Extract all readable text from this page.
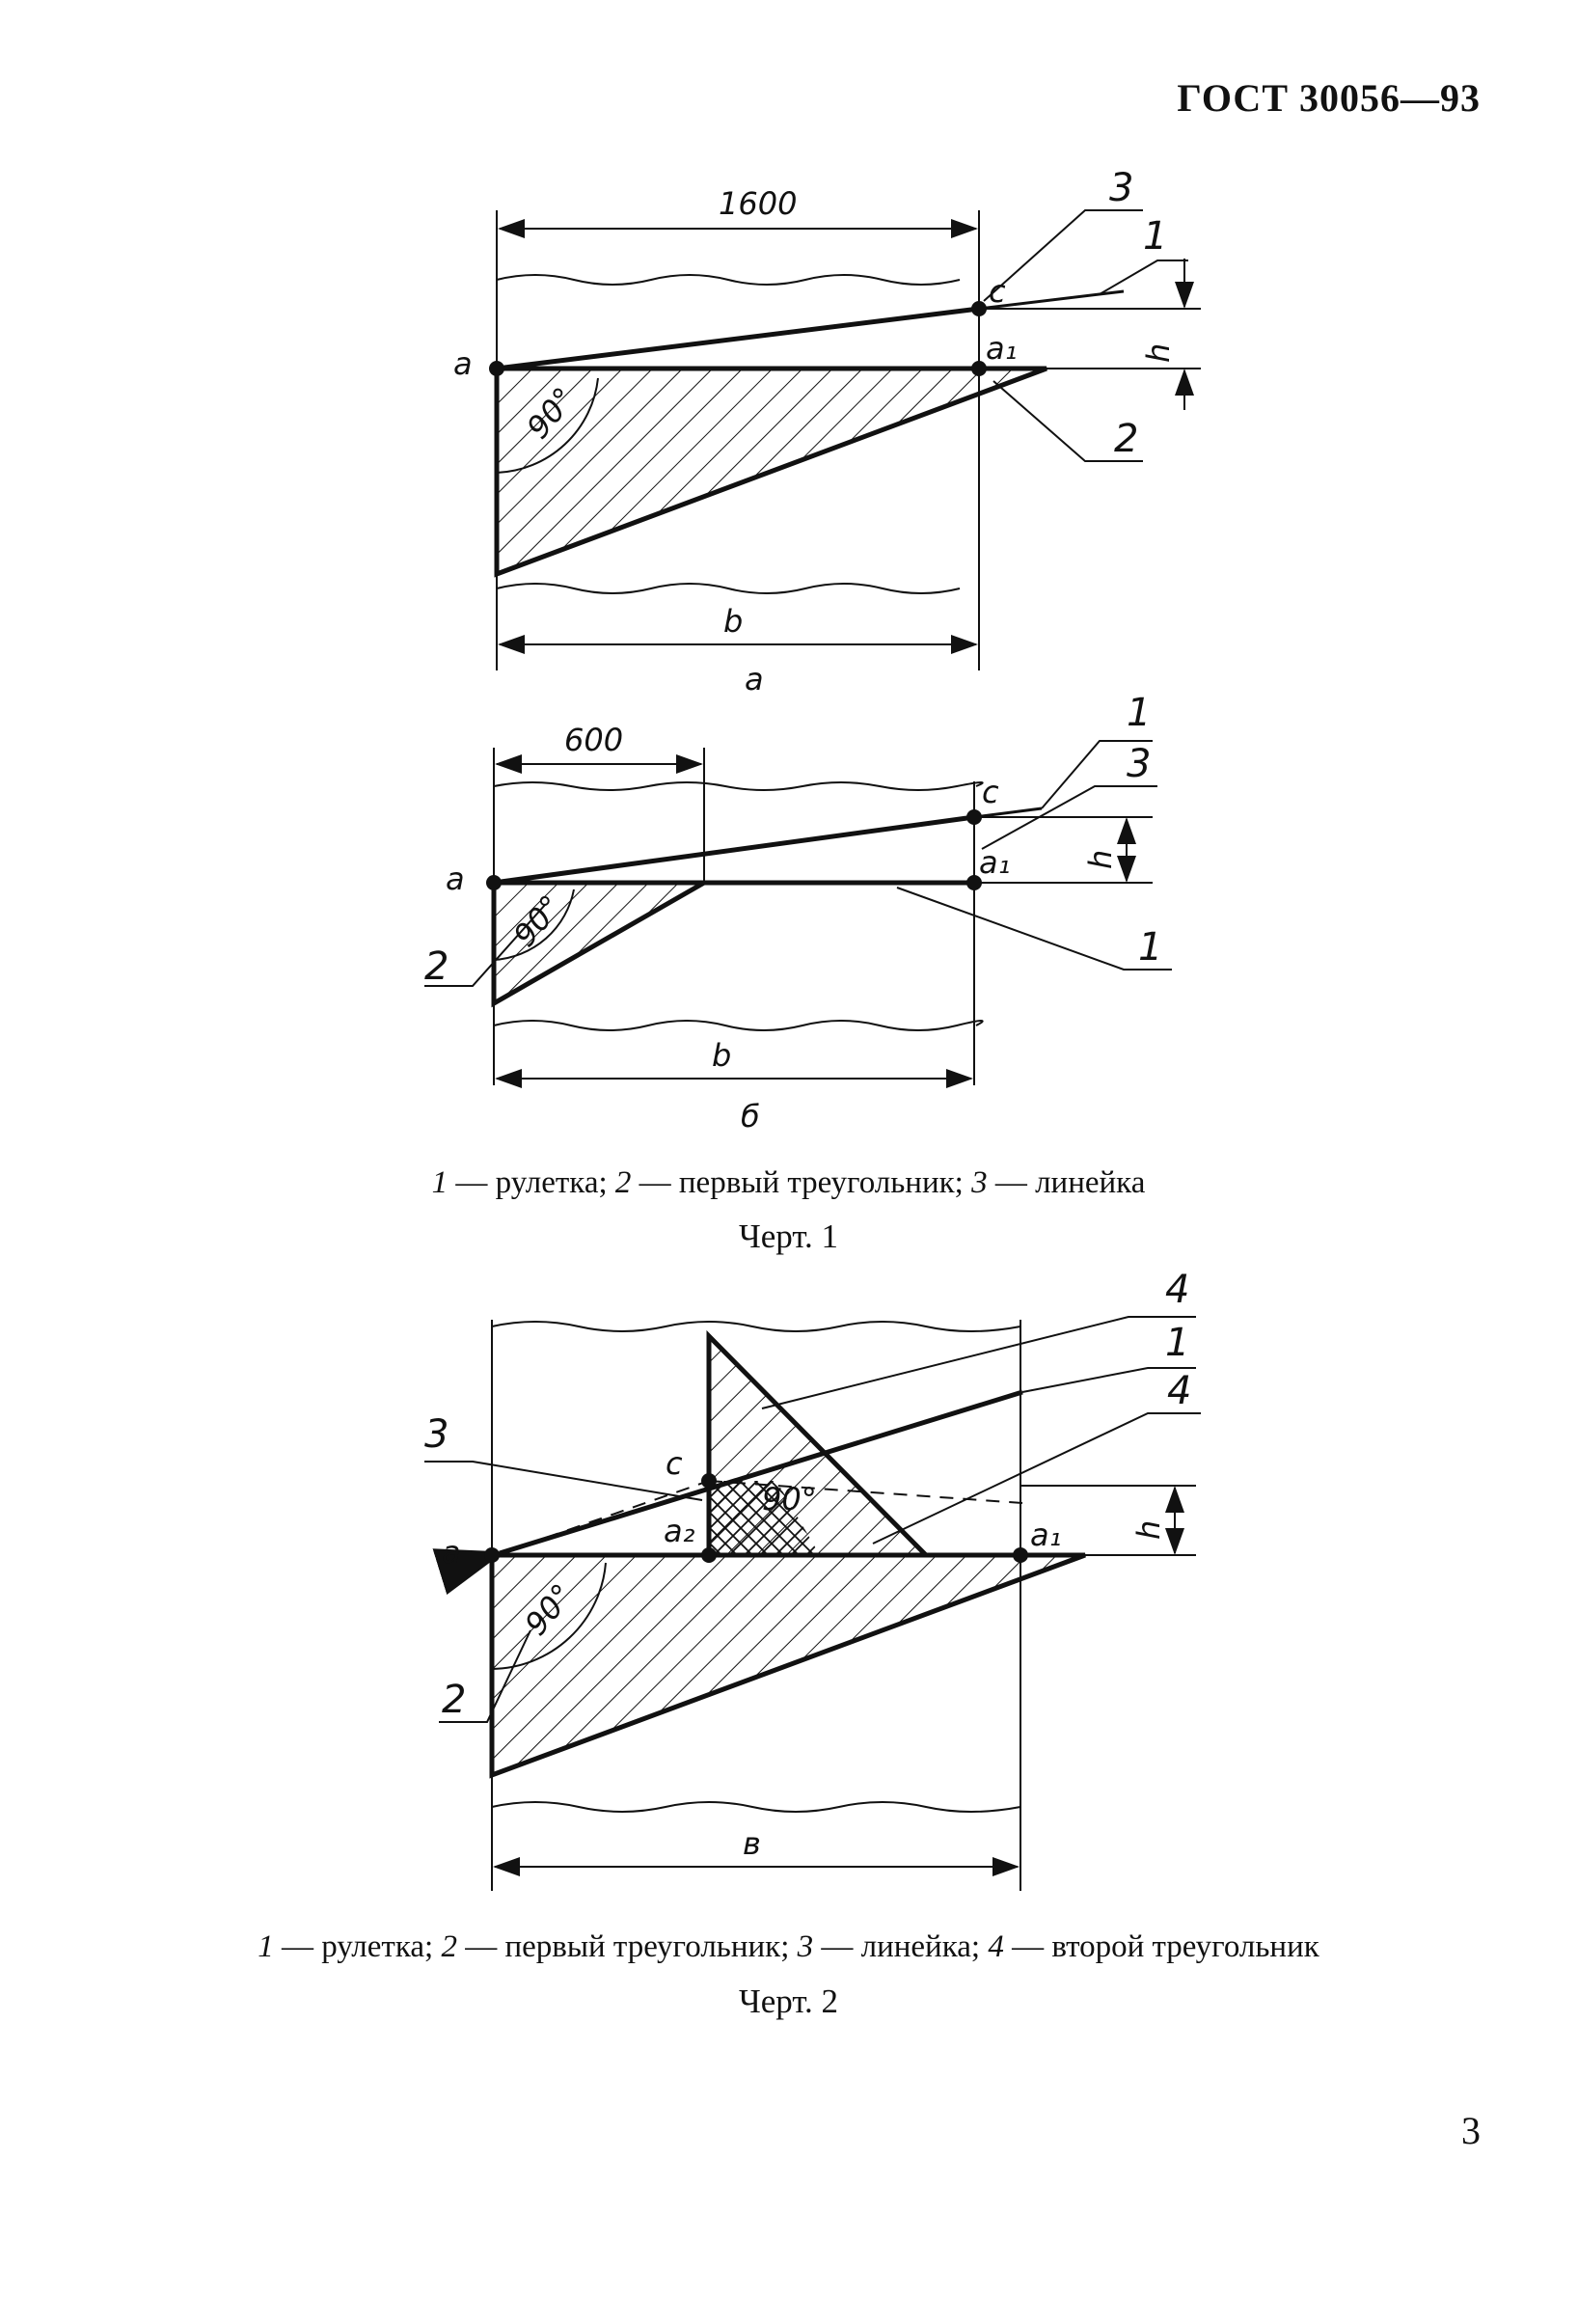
ГОСТ 30056—93
1600
h
a
c
a₁
90°
b
а
3
1
2
600
h
a
c
a₁
90°
b
б
1
3
2	1
h
a
c
a₂	a₁
90°
90°
в
4
1
4
3
2
1 — рулетка; 2 — первый треугольник; 3 — линейка
Черт. 1
1 — рулетка; 2 — первый треугольник; 3 — линейка; 4 — второй треугольник
Черт. 2
3
